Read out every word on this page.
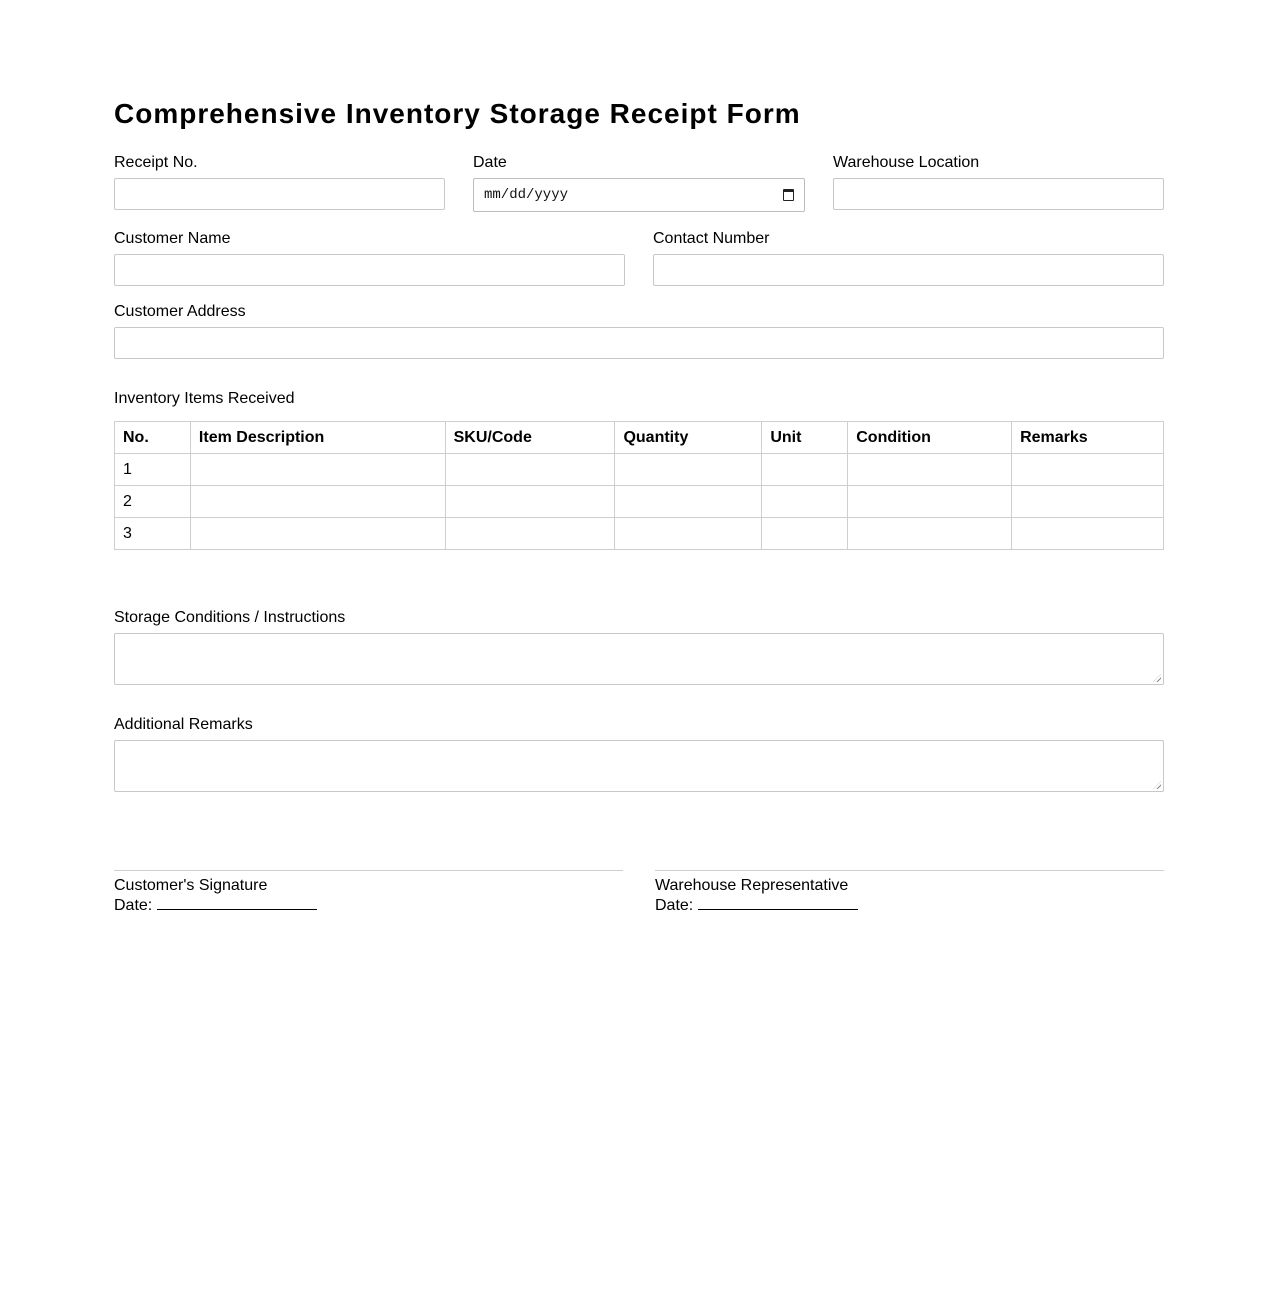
Comprehensive Inventory Storage Receipt Form
Receipt No.	Date
mm/dd/yyyy
Warehouse Location
Customer Name	Contact Number
Customer Address
Inventory Items Received
No.	Item Description	SKU/Code	Quantity	Unit	Condition	Remarks
1						
2						
3						
Storage Conditions / Instructions
Additional Remarks
Customer's Signature
Date:
Warehouse Representative
Date:
